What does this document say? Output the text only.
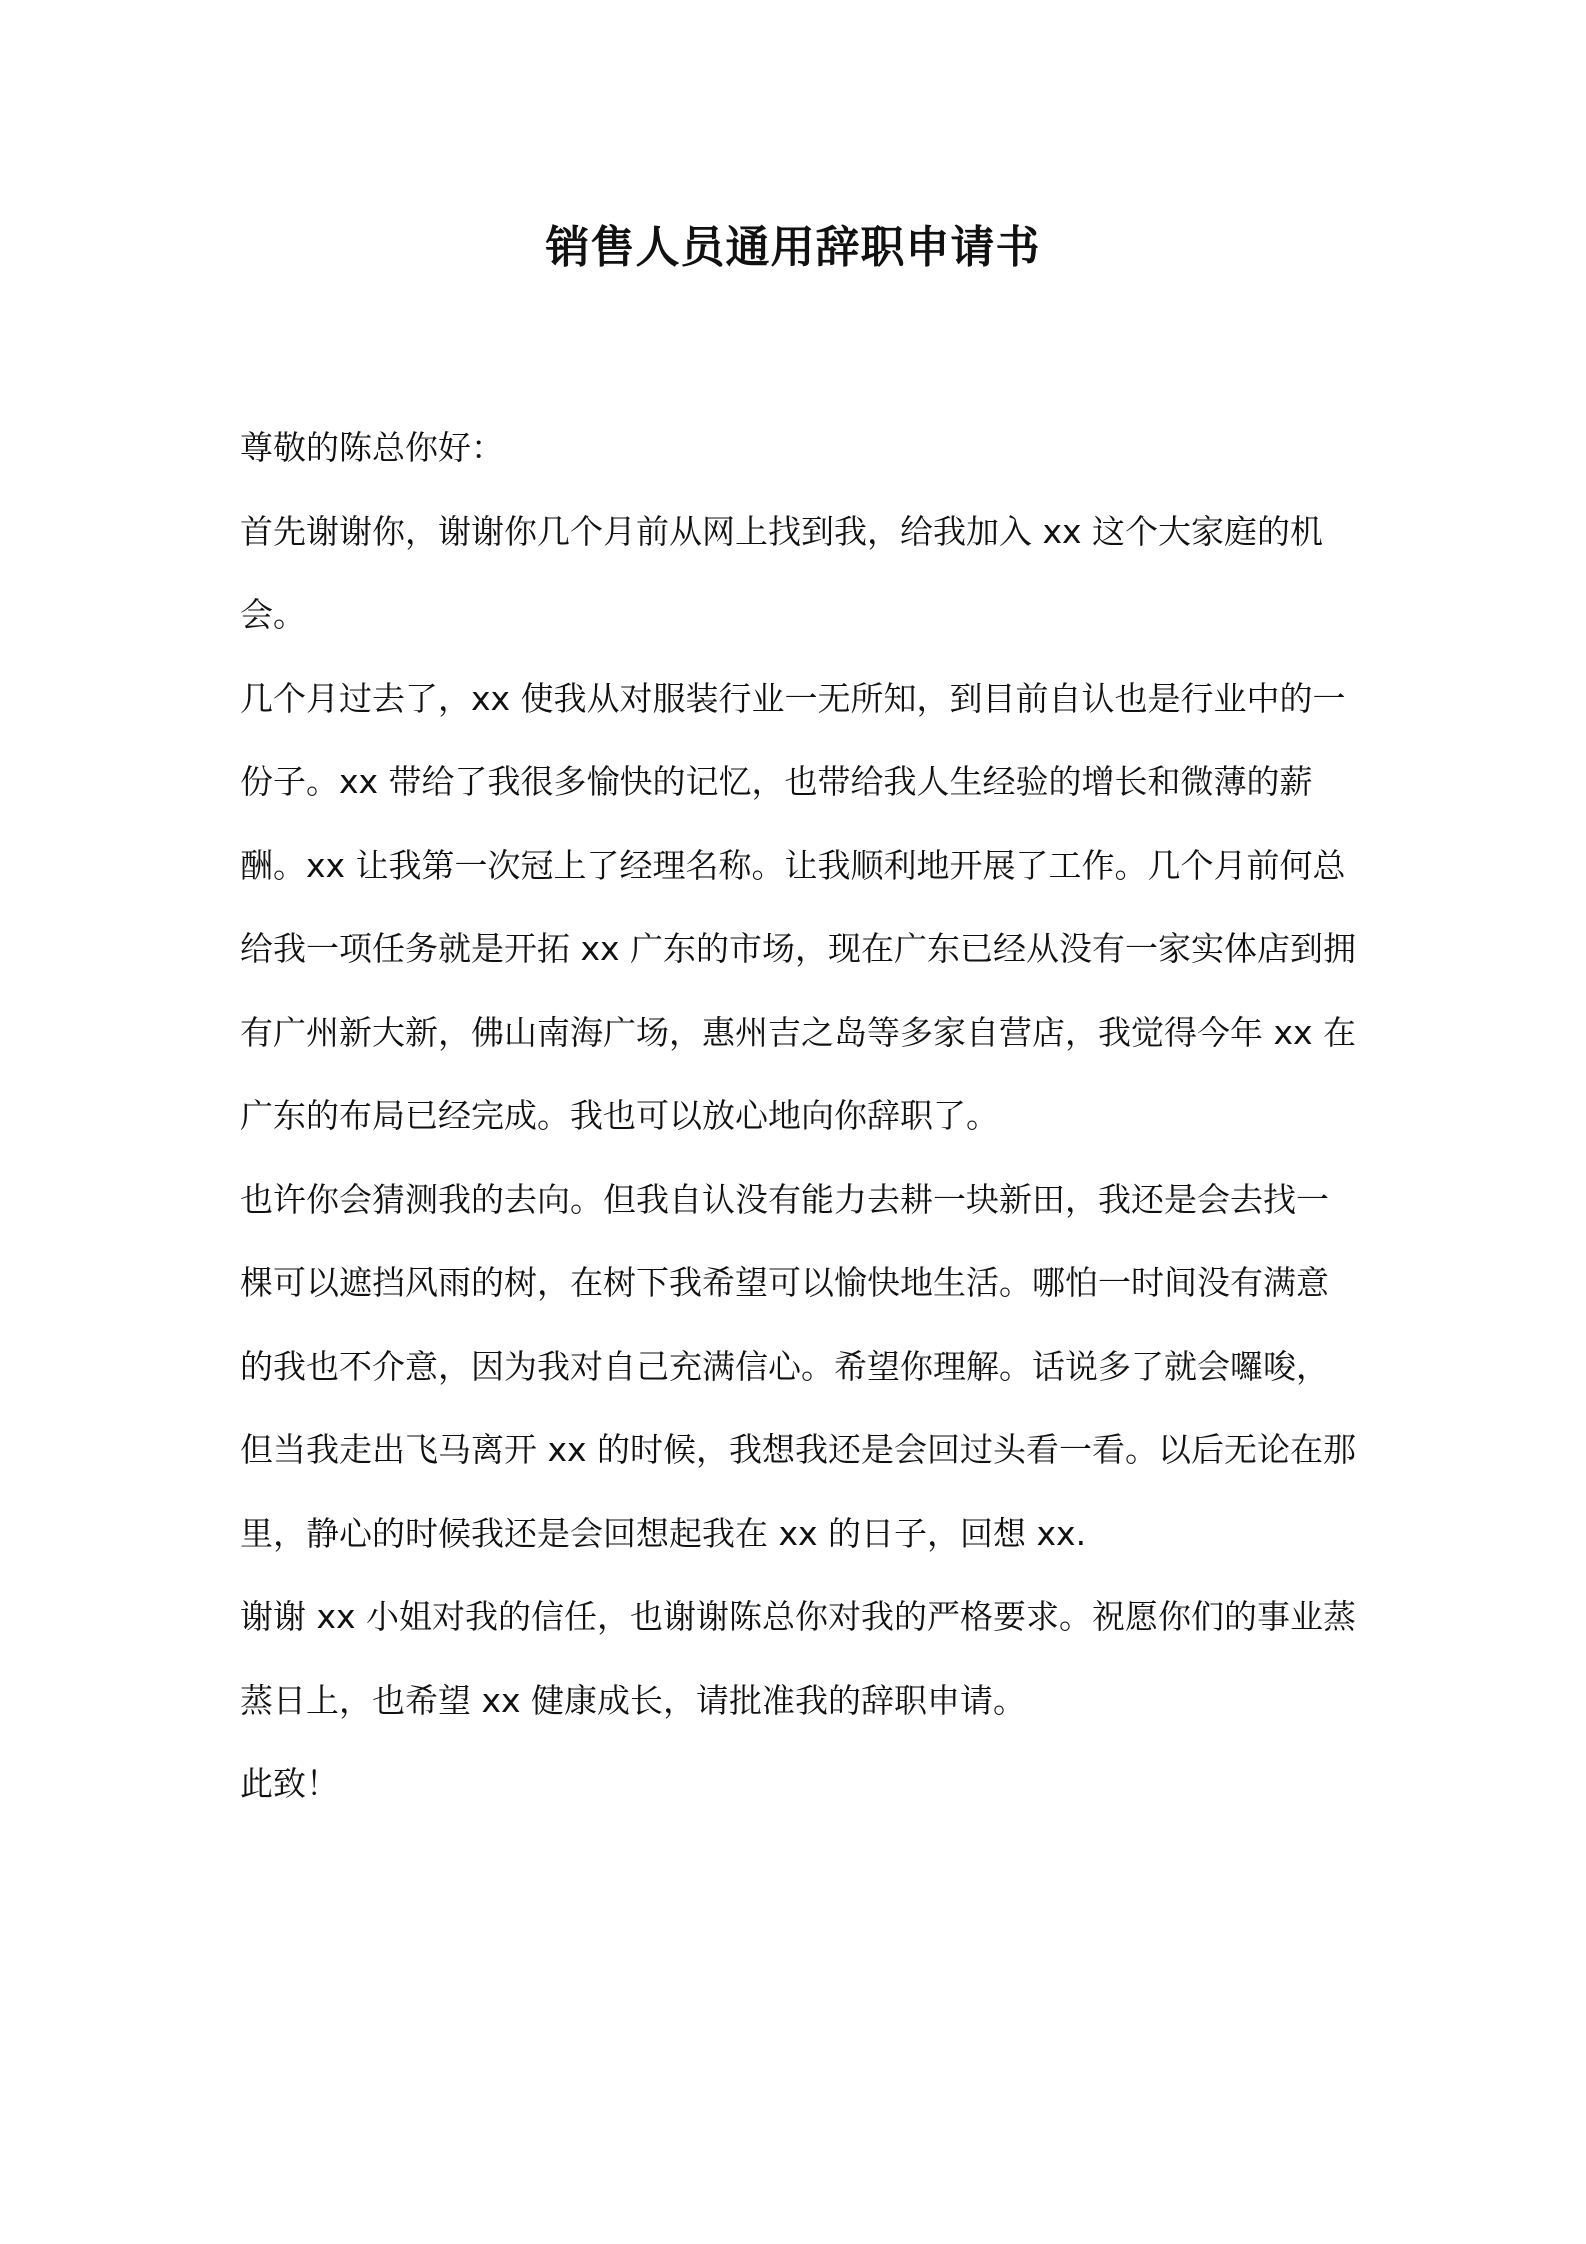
销售人员通用辞职申请书

尊敬的陈总你好：

首先谢谢你，谢谢你几个月前从网上找到我，给我加入 xx 这个大家庭的机会。

几个月过去了，xx 使我从对服装行业一无所知，到目前自认也是行业中的一份子。xx 带给了我很多愉快的记忆，也带给我人生经验的增长和微薄的薪酬。xx 让我第一次冠上了经理名称。让我顺利地开展了工作。几个月前何总给我一项任务就是开拓 xx 广东的市场，现在广东已经从没有一家实体店到拥有广州新大新，佛山南海广场，惠州吉之岛等多家自营店，我觉得今年 xx 在广东的布局已经完成。我也可以放心地向你辞职了。

也许你会猜测我的去向。但我自认没有能力去耕一块新田，我还是会去找一棵可以遮挡风雨的树，在树下我希望可以愉快地生活。哪怕一时间没有满意的我也不介意，因为我对自己充满信心。希望你理解。话说多了就会囉唆，但当我走出飞马离开 xx 的时候，我想我还是会回过头看一看。以后无论在那里，静心的时候我还是会回想起我在 xx 的日子，回想 xx.

谢谢 xx 小姐对我的信任，也谢谢陈总你对我的严格要求。祝愿你们的事业蒸蒸日上，也希望 xx 健康成长，请批准我的辞职申请。

此致！
